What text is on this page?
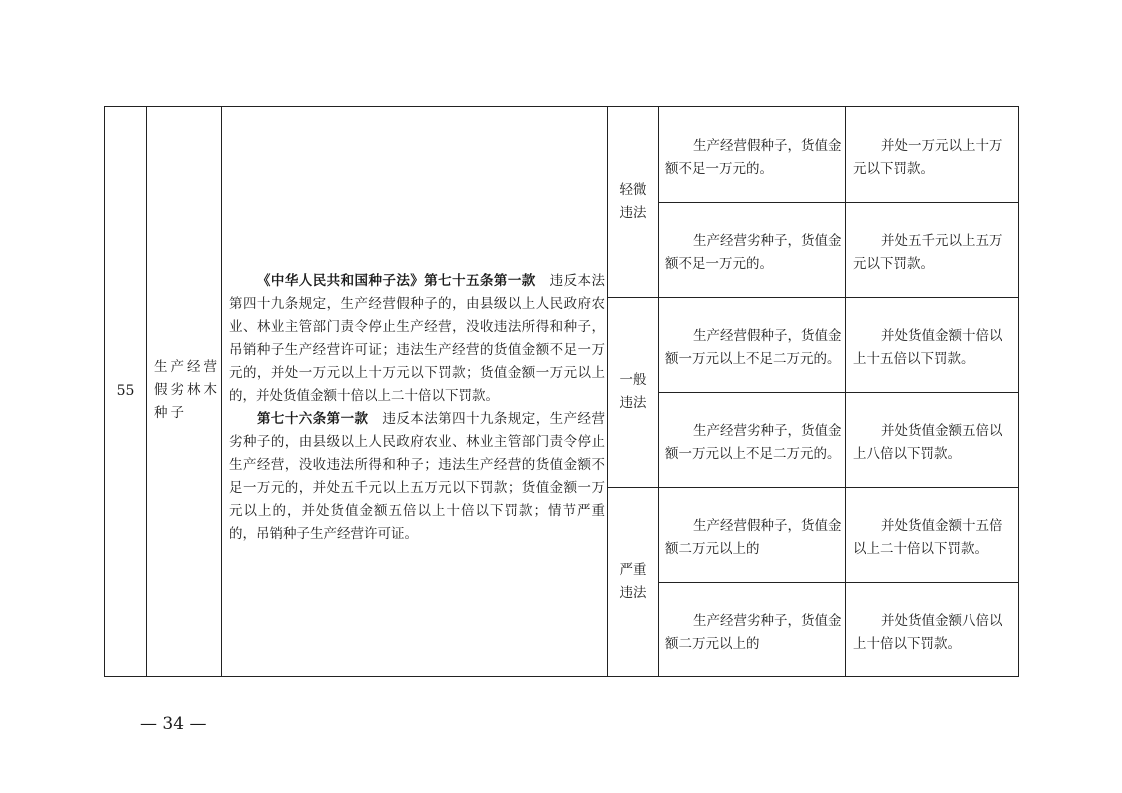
55
生产经营
假劣林木
种子

《中华人民共和国种子法》第七十五条第一款　违反本法第四十九条规定，生产经营假种子的，由县级以上人民政府农业、林业主管部门责令停止生产经营，没收违法所得和种子，吊销种子生产经营许可证；违法生产经营的货值金额不足一万元的，并处一万元以上十万元以下罚款；货值金额一万元以上的，并处货值金额十倍以上二十倍以下罚款。

第七十六条第一款　违反本法第四十九条规定，生产经营劣种子的，由县级以上人民政府农业、林业主管部门责令停止生产经营，没收违法所得和种子；违法生产经营的货值金额不足一万元的，并处五千元以上五万元以下罚款；货值金额一万元以上的，并处货值金额五倍以上十倍以下罚款；情节严重的，吊销种子生产经营许可证。

轻微
违法
一般
违法
严重
违法
生产经营假种子，货值金额不足一万元的。
并处一万元以上十万元以下罚款。
生产经营劣种子，货值金额不足一万元的。
并处五千元以上五万元以下罚款。
生产经营假种子，货值金额一万元以上不足二万元的。
并处货值金额十倍以上十五倍以下罚款。
生产经营劣种子，货值金额一万元以上不足二万元的。
并处货值金额五倍以上八倍以下罚款。
生产经营假种子，货值金额二万元以上的
并处货值金额十五倍以上二十倍以下罚款。
生产经营劣种子，货值金额二万元以上的
并处货值金额八倍以上十倍以下罚款。
— 34 —
